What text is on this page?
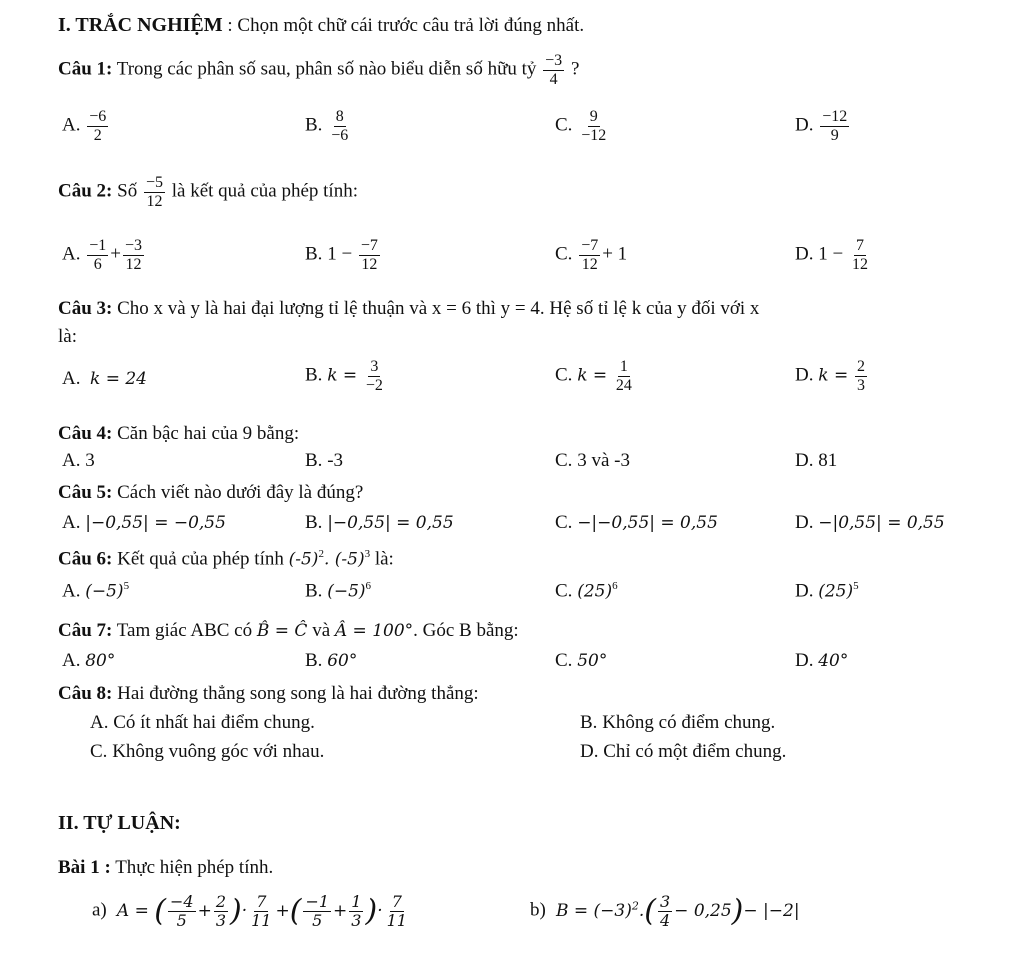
I. TRẮC NGHIỆM : Chọn một chữ cái trước câu trả lời đúng nhất.
Câu 1: Trong các phân số sau, phân số nào biểu diễn số hữu tỷ $\frac{-3}{4}$ ?
A. $\frac{-6}{2}$	B. $\frac{8}{-6}$	C. $\frac{9}{-12}$	D. $\frac{-12}{9}$
Câu 2: Số $\frac{-5}{12}$ là kết quả của phép tính:
A. $\frac{-1}{6} + \frac{-3}{12}$	B. $1 - \frac{-7}{12}$	C. $\frac{-7}{12} + 1$	D. $1 - \frac{7}{12}$
Câu 3: Cho x và y là hai đại lượng tỉ lệ thuận và x = 6 thì y = 4. Hệ số tỉ lệ k của y đối với x
là:
A. k = 24	B. $k = \frac{3}{-2}$	C. $k = \frac{1}{24}$	D. $k = \frac{2}{3}$
Câu 4: Căn bậc hai của 9 bằng:
A. 3	B. -3	C. 3 và -3	D. 81
Câu 5: Cách viết nào dưới đây là đúng?
A. |−0,55| = −0,55	B. |−0,55| = 0,55	C. −|−0,55| = 0,55	D. −|0,55| = 0,55
Câu 6: Kết quả của phép tính $(-5)^2$. $(-5)^3$ là:
A. $(-5)^5$	B. $(-5)^6$	C. $(25)^6$	D. $(25)^5$
Câu 7: Tam giác ABC có B̂ = Ĉ và Â = 100°. Góc B bằng:
A. 80°	B. 60°	C. 50°	D. 40°
Câu 8: Hai đường thẳng song song là hai đường thẳng:
A. Có ít nhất hai điểm chung.	B. Không có điểm chung.
C. Không vuông góc với nhau.	D. Chỉ có một điểm chung.
II. TỰ LUẬN:
Bài 1 : Thực hiện phép tính.
a)  A = ( $\frac{-4}{5} + \frac{2}{3}$ )· $\frac{7}{11}$ +( $\frac{-1}{5} + \frac{1}{3}$ )· $\frac{7}{11}$	b)  $B = (-3)^2.( \frac{3}{4} - 0,25)- |-2|$
